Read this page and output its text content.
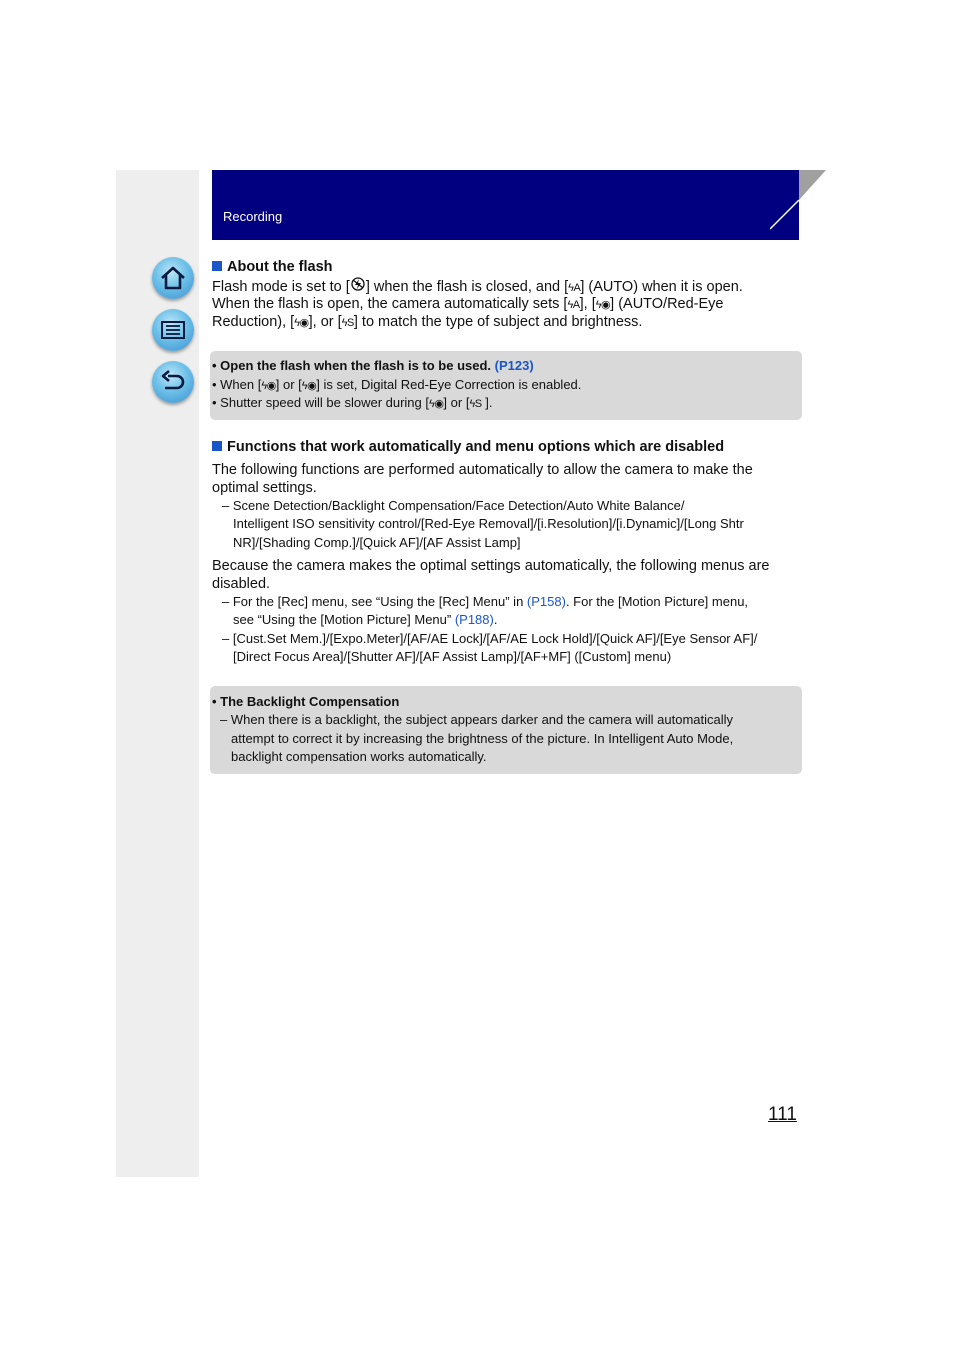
Recording
About the flash
Flash mode is set to [ ] when the flash is closed, and [ϟA] (AUTO) when it is open.
When the flash is open, the camera automatically sets [ϟA], [ϟ◉] (AUTO/Red-Eye
Reduction), [ϟ◉], or [ϟS] to match the type of subject and brightness.
• Open the flash when the flash is to be used. (P123)
• When [ϟ◉] or [ϟ◉] is set, Digital Red-Eye Correction is enabled.
• Shutter speed will be slower during [ϟ◉] or [ϟS ].
Functions that work automatically and menu options which are disabled
The following functions are performed automatically to allow the camera to make the
optimal settings.
– Scene Detection/Backlight Compensation/Face Detection/Auto White Balance/
Intelligent ISO sensitivity control/[Red-Eye Removal]/[i.Resolution]/[i.Dynamic]/[Long Shtr
NR]/[Shading Comp.]/[Quick AF]/[AF Assist Lamp]
Because the camera makes the optimal settings automatically, the following menus are
disabled.
– For the [Rec] menu, see “Using the [Rec] Menu” in (P158). For the [Motion Picture] menu,
see “Using the [Motion Picture] Menu” (P188).
– [Cust.Set Mem.]/[Expo.Meter]/[AF/AE Lock]/[AF/AE Lock Hold]/[Quick AF]/[Eye Sensor AF]/
[Direct Focus Area]/[Shutter AF]/[AF Assist Lamp]/[AF+MF] ([Custom] menu)
• The Backlight Compensation
– When there is a backlight, the subject appears darker and the camera will automatically
attempt to correct it by increasing the brightness of the picture. In Intelligent Auto Mode,
backlight compensation works automatically.
111
